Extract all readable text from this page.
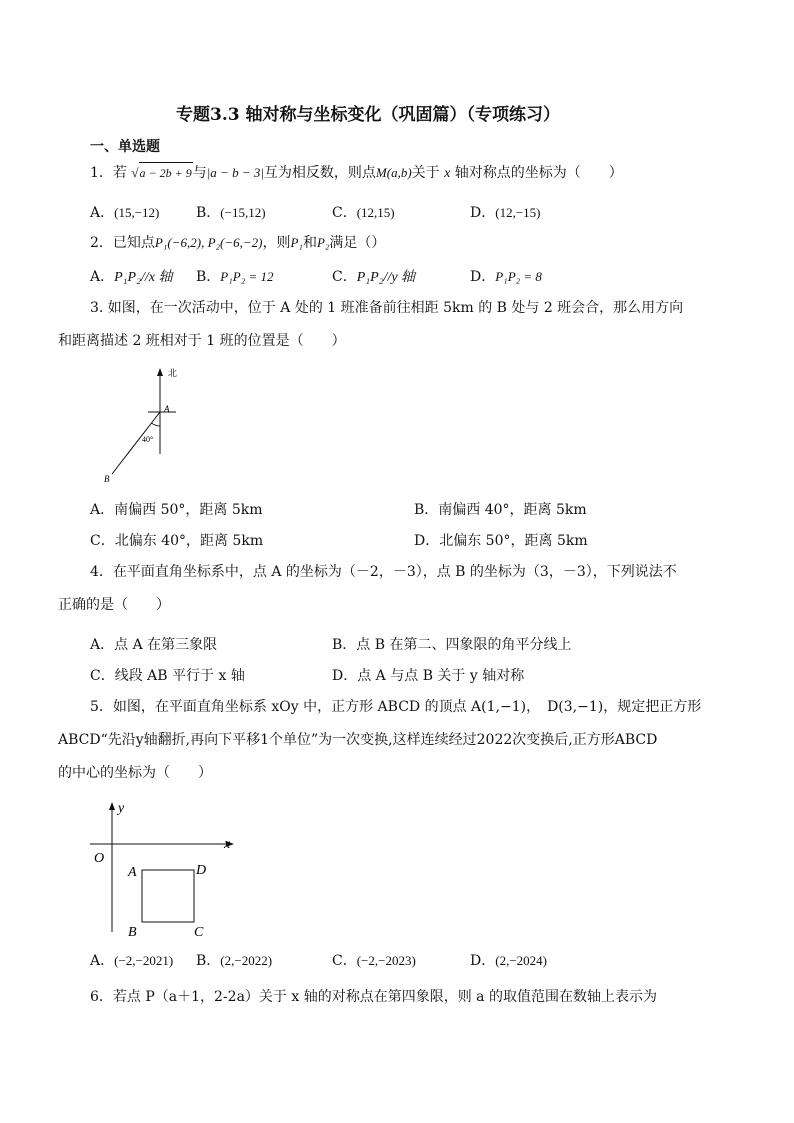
专题3.3 轴对称与坐标变化（巩固篇）（专项练习）
一、单选题
1．若 √a − 2b + 9与|a − b − 3|互为相反数，则点M(a,b)关于 x 轴对称点的坐标为（　　）
A．(15,−12)	B．(−15,12)	C．(12,15)	D．(12,−15)
2．已知点P₁(−6,2), P₂(−6,−2)，则P₁和P₂满足（）
A．P₁P₂//x 轴 B．P₁P₂ = 12	C．P₁P₂//y 轴	D．P₁P₂ = 8
3. 如图，在一次活动中，位于 A 处的 1 班准备前往相距 5km 的 B 处与 2 班会合，那么用方向
和距离描述 2 班相对于 1 班的位置是（　　）
北
A
B
40°
A．南偏西 50°，距离 5km	B．南偏西 40°，距离 5km
C．北偏东 40°，距离 5km	D．北偏东 50°，距离 5km
4．在平面直角坐标系中，点 A 的坐标为（－2，－3），点 B 的坐标为（3，－3），下列说法不
正确的是（　　）
A．点 A 在第三象限	B．点 B 在第二、四象限的角平分线上
C．线段 AB 平行于 x 轴	D．点 A 与点 B 关于 y 轴对称
5．如图，在平面直角坐标系 xOy 中，正方形 ABCD 的顶点 A(1,−1)，　D(3,−1)，规定把正方形
ABCD“先沿y轴翻折,再向下平移1个单位”为一次变换,这样连续经过2022次变换后,正方形ABCD
的中心的坐标为（　　）
x
y
O
A	D
B	C
A．(−2,−2021) B．(2,−2022)	C．(−2,−2023)	D．(2,−2024)
6．若点 P（a＋1，2-2a）关于 x 轴的对称点在第四象限，则 a 的取值范围在数轴上表示为
